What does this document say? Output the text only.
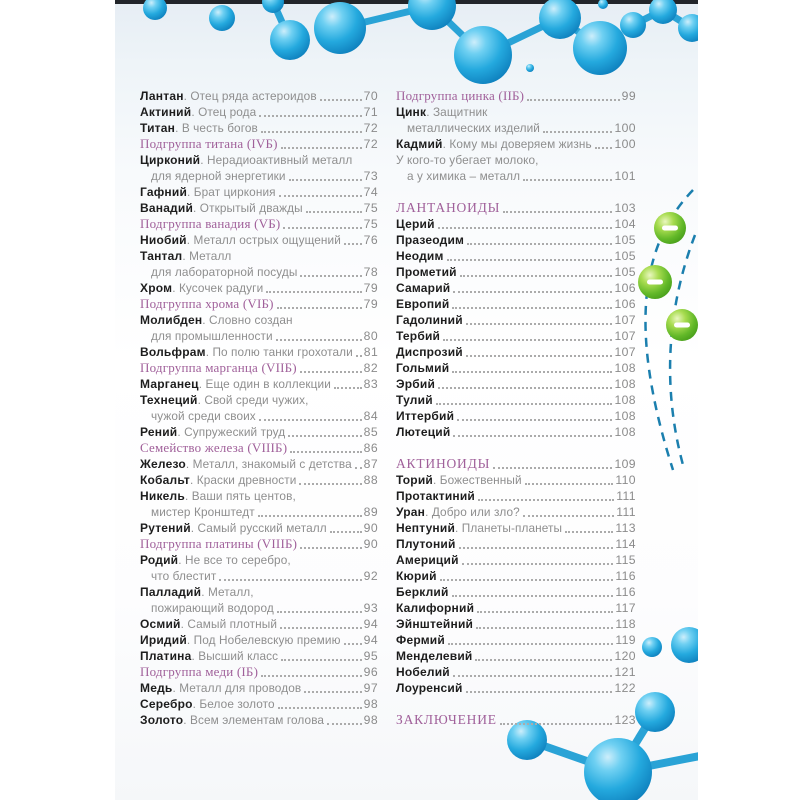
Лантан . Отец ряда астероидов	70
Актиний . Отец рода	71
Титан . В честь богов	72
Подгруппа титана (IVБ)	72
Цирконий . Нерадиоактивный металл
для ядерной энергетики	73
Гафний . Брат циркония	74
Ванадий . Открытый дважды	75
Подгруппа ванадия (VБ)	75
Ниобий . Металл острых ощущений 76
Тантал . Металл
для лабораторной посуды	78
Хром . Кусочек радуги	79
Подгруппа хрома (VIБ)	79
Молибден . Словно создан
для промышленности	80
Вольфрам . По полю танки грохотали 81
Подгруппа марганца (VIIБ)	82
Марганец . Еще один в коллекции	83
Технеций . Свой среди чужих,
чужой среди своих	84
Рений . Супружеский труд	85
Семейство железа (VIIIБ)	86
Железо . Металл, знакомый с детства 87
Кобальт . Краски древности	88
Никель . Ваши пять центов,
мистер Кронштедт	89
Рутений . Самый русский металл	90
Подгруппа платины (VIIIБ)	90
Родий . Не все то серебро,
что блестит	92
Палладий . Металл,
пожирающий водород	93
Осмий . Самый плотный	94
Иридий . Под Нобелевскую премию 94
Платина . Высший класс	95
Подгруппа меди (IБ)	96
Медь . Металл для проводов	97
Серебро . Белое золото	98
Золото . Всем элементам голова	98
Подгруппа цинка (IIБ)	99
Цинк . Защитник
металлических изделий	100
Кадмий . Кому мы доверяем жизнь 100
У кого-то убегает молоко,
а у химика – металл	101
ЛАНТАНОИДЫ	103
Церий	104
Празеодим	105
Неодим	105
Прометий	105
Самарий	106
Европий	106
Гадолиний	107
Тербий	107
Диспрозий	107
Гольмий	108
Эрбий	108
Тулий	108
Иттербий	108
Лютеций	108
АКТИНОИДЫ	109
Торий . Божественный	110
Протактиний	111
Уран . Добро или зло?	111
Нептуний . Планеты-планеты	113
Плутоний	114
Америций	115
Кюрий	116
Берклий	116
Калифорний	117
Эйнштейний	118
Фермий	119
Менделевий	120
Нобелий	121
Лоуренсий	122
ЗАКЛЮЧЕНИЕ	123
